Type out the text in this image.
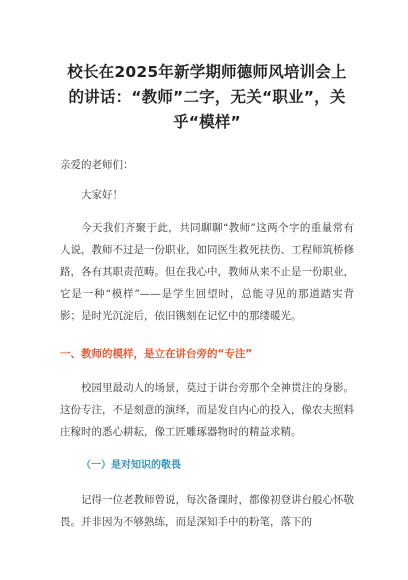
校长在2025年新学期师德师风培训会上的讲话：“教师”二字，无关“职业”，关乎“模样”

亲爱的老师们：

大家好！

今天我们齐聚于此，共同聊聊“教师”这两个字的重量常有人说，教师不过是一份职业，如同医生救死扶伤、工程师筑桥修路，各有其职责范畴。但在我心中，教师从来不止是一份职业，它是一种“模样”——是学生回望时，总能寻见的那道踏实背影；是时光沉淀后，依旧镌刻在记忆中的那缕暖光。

一、教师的模样，是立在讲台旁的“专注”

校园里最动人的场景，莫过于讲台旁那个全神贯注的身影。这份专注，不是刻意的演绎，而是发自内心的投入，像农夫照料庄稼时的悉心耕耘，像工匠雕琢器物时的精益求精。

（一）是对知识的敬畏

记得一位老教师曾说，每次备课时，都像初登讲台般心怀敬畏。并非因为不够熟练，而是深知手中的粉笔，落下的
